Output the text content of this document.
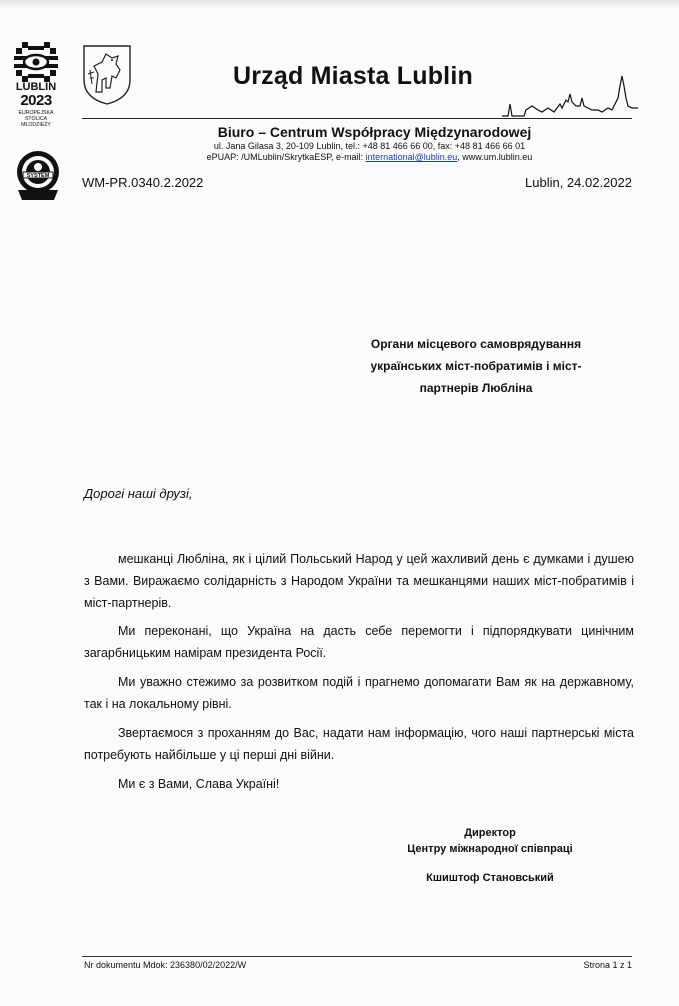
LUBLIN
2023
EUROPEJSKA
STOLICA
MŁODZIEŻY
SYSTEM
Urząd Miasta Lublin
Biuro – Centrum Współpracy Międzynarodowej
ul. Jana Gilasa 3, 20-109 Lublin, tel.: +48 81 466 66 00, fax: +48 81 466 66 01
ePUAP: /UMLublin/SkrytkaESP, e-mail: international@lublin.eu, www.um.lublin.eu
WM-PR.0340.2.2022	Lublin, 24.02.2022
Органи місцевого самоврядування
українських міст-побратимів і міст-
партнерів Любліна
Дорогі наші друзі,
мешканці Любліна, як і цілий Польський Народ у цей жахливий день є думками і душею з Вами. Виражаємо солідарність з Народом України та мешканцями наших міст-побратимів і міст-партнерів.
Ми переконані, що Україна на дасть себе перемогти і підпорядкувати цинічним загарбницьким намірам президента Росії.
Ми уважно стежимо за розвитком подій і прагнемо допомагати Вам як на державному, так і на локальному рівні.
Звертаємося з проханням до Вас, надати нам інформацію, чого наші партнерські міста потребують найбільше у ці перші дні війни.
Ми є з Вами, Слава Україні!
Директор
Центру міжнародної співпраці
Кшиштоф Становський
Nr dokumentu Mdok: 236380/02/2022/W	Strona 1 z 1
